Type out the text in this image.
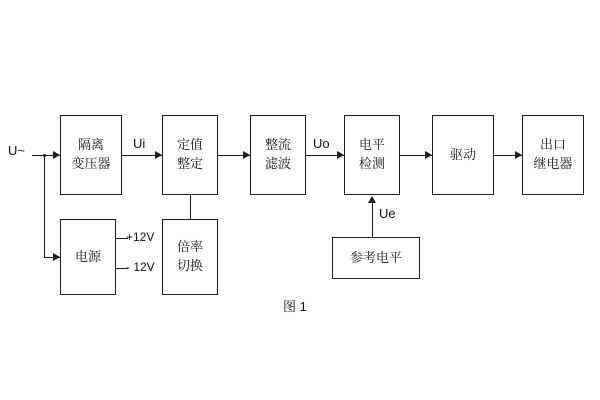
U~	隔离
变压器
Ui 定值
整定
整流
滤波
Uo 电平
检测
驱动
出口
继电器
电源
+12V
- 12V
倍率
切换
参考电平
Ue
图 1
